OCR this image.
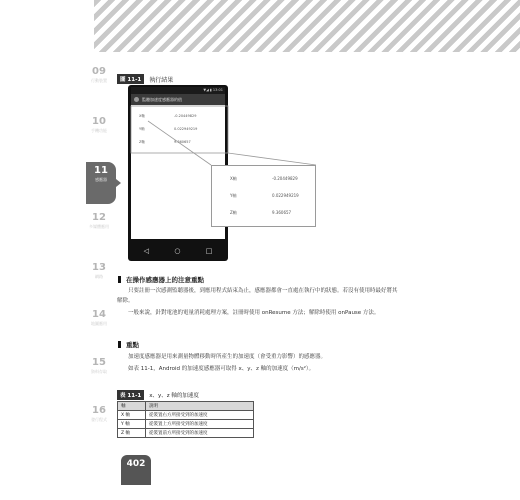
09
行動裝置
10
手機功能
11
感應器
12
多媒體應用
13
網路
14
地圖應用
15
資料存取
16
發行程式
圖 11-1	執行結果
▼◢ ▮ 13:01
監聽加速度感應器的值
X軸	-0.20449829
Y軸	0.022949219
Z軸	9.360657
◁	○	□
X軸	-0.20449829
Y軸	0.022949219
Z軸	9.360657
在操作感應器上的注意重點

只要註冊一次感測監聽器後，到應用程式結束為止，感應器都會一直處在執行中的狀態。若沒有使用時最好將其解除。

一般來說，針對電池的電量消耗處理方案，註冊時使用 onResume 方法；解除時使用 onPause 方法。

重點

加速度感應器是用來測量物體移動時所產生的加速度（會受重力影響）的感應器。

如表 11-1，Android 的加速度感應器可取得 x、y、z 軸的加速度（m/s²）。

表 11-1	x、y、z 軸的加速度
軸	說明
X 軸	從裝置右方所接受到的加速度
Y 軸	從裝置上方所接受到的加速度
Z 軸	從裝置前方所接受到的加速度
402
